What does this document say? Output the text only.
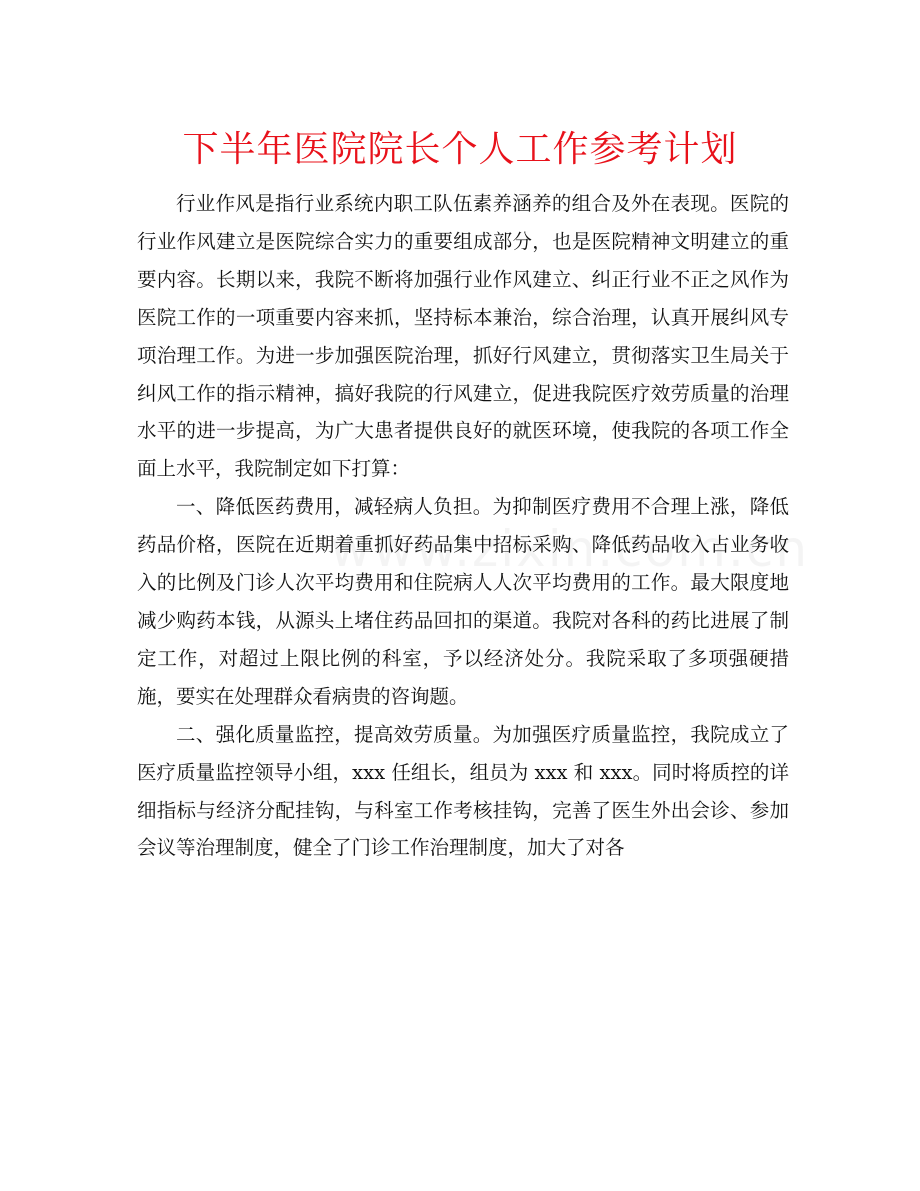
下半年医院院长个人工作参考计划

行业作风是指行业系统内职工队伍素养涵养的组合及外在表现。医院的行业作风建立是医院综合实力的重要组成部分，也是医院精神文明建立的重要内容。长期以来，我院不断将加强行业作风建立、纠正行业不正之风作为医院工作的一项重要内容来抓，坚持标本兼治，综合治理，认真开展纠风专项治理工作。为进一步加强医院治理，抓好行风建立，贯彻落实卫生局关于纠风工作的指示精神，搞好我院的行风建立，促进我院医疗效劳质量的治理水平的进一步提高，为广大患者提供良好的就医环境，使我院的各项工作全面上水平，我院制定如下打算：

一、降低医药费用，减轻病人负担。为抑制医疗费用不合理上涨，降低药品价格，医院在近期着重抓好药品集中招标采购、降低药品收入占业务收入的比例及门诊人次平均费用和住院病人人次平均费用的工作。最大限度地减少购药本钱，从源头上堵住药品回扣的渠道。我院对各科的药比进展了制定工作，对超过上限比例的科室，予以经济处分。我院采取了多项强硬措施，要实在处理群众看病贵的咨询题。

二、强化质量监控，提高效劳质量。为加强医疗质量监控，我院成立了医疗质量监控领导小组，xxx 任组长，组员为 xxx 和 xxx。同时将质控的详细指标与经济分配挂钩，与科室工作考核挂钩，完善了医生外出会诊、参加会议等治理制度，健全了门诊工作治理制度，加大了对各
